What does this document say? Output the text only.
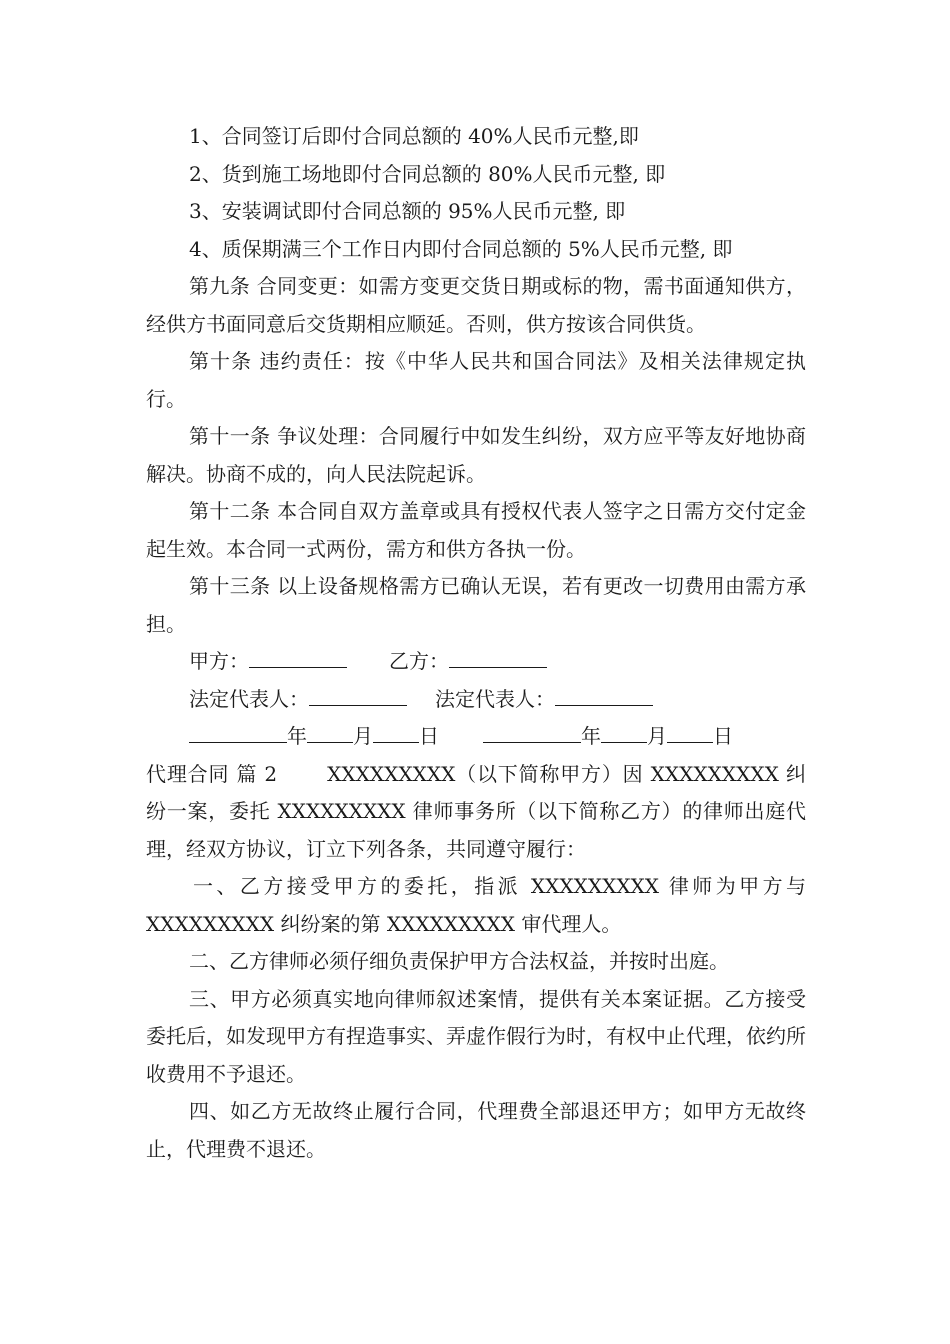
1、合同签订后即付合同总额的 40%人民币元整,即

2、货到施工场地即付合同总额的 80%人民币元整, 即

3、安装调试即付合同总额的 95%人民币元整, 即

4、质保期满三个工作日内即付合同总额的 5%人民币元整, 即

第九条 合同变更：如需方变更交货日期或标的物，需书面通知供方，经供方书面同意后交货期相应顺延。否则，供方按该合同供货。

第十条 违约责任：按《中华人民共和国合同法》及相关法律规定执行。

第十一条 争议处理：合同履行中如发生纠纷，双方应平等友好地协商解决。协商不成的，向人民法院起诉。

第十二条 本合同自双方盖章或具有授权代表人签字之日需方交付定金起生效。本合同一式两份，需方和供方各执一份。

第十三条 以上设备规格需方已确认无误，若有更改一切费用由需方承担。

甲方：	乙方：
法定代表人：	法定代表人：
年 月 日	年 月 日

代理合同 篇 2	XXXXXXXXX（以下简称甲方）因 XXXXXXXXX 纠纷一案，委托 XXXXXXXXX 律师事务所（以下简称乙方）的律师出庭代理，经双方协议，订立下列各条，共同遵守履行：

一、乙方接受甲方的委托，指派 XXXXXXXXX 律师为甲方与 XXXXXXXXX 纠纷案的第 XXXXXXXXX 审代理人。

二、乙方律师必须仔细负责保护甲方合法权益，并按时出庭。

三、甲方必须真实地向律师叙述案情，提供有关本案证据。乙方接受委托后，如发现甲方有捏造事实、弄虚作假行为时，有权中止代理，依约所收费用不予退还。

四、如乙方无故终止履行合同，代理费全部退还甲方；如甲方无故终止，代理费不退还。
